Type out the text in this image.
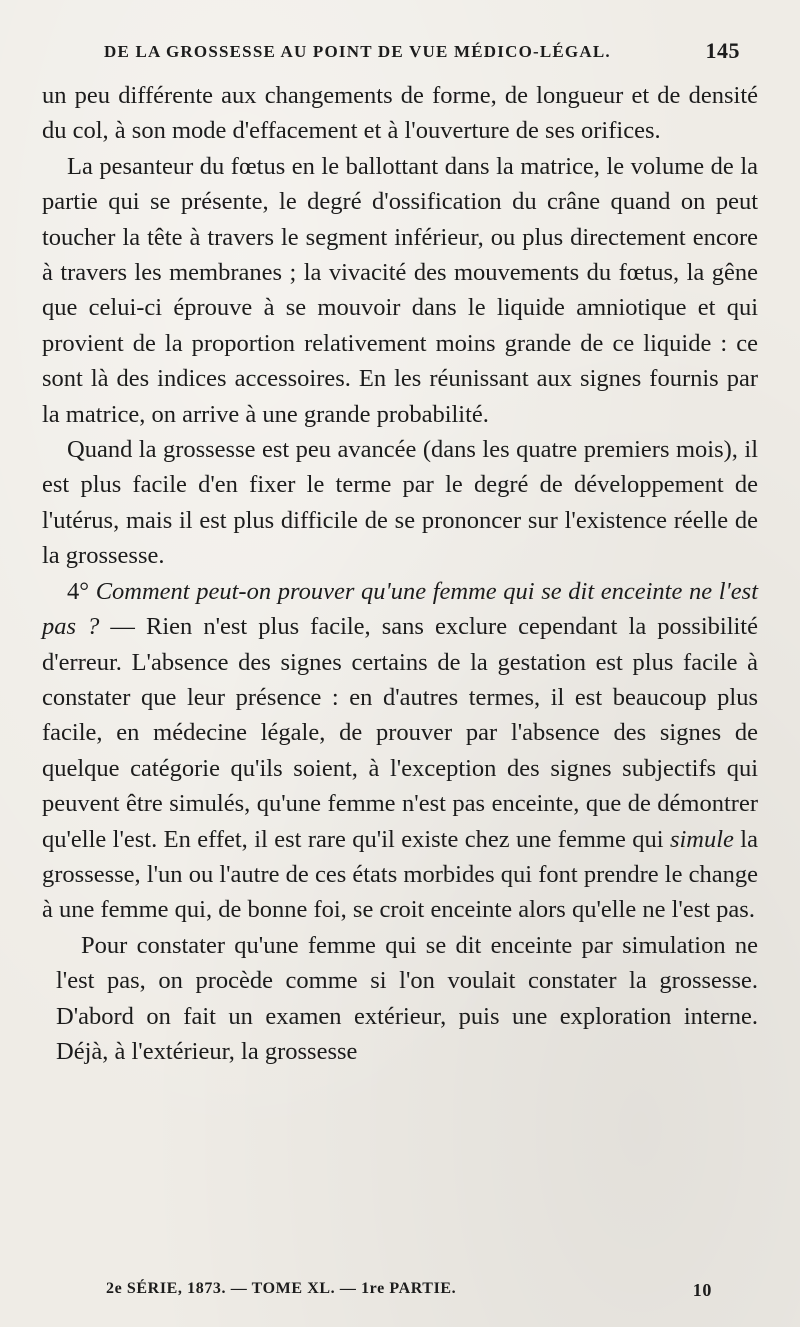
DE LA GROSSESSE AU POINT DE VUE MÉDICO-LÉGAL.	145

un peu différente aux changements de forme, de longueur et de densité du col, à son mode d'effacement et à l'ouverture de ses orifices.

La pesanteur du fœtus en le ballottant dans la matrice, le volume de la partie qui se présente, le degré d'ossification du crâne quand on peut toucher la tête à travers le segment inférieur, ou plus directement encore à travers les membranes ; la vivacité des mouvements du fœtus, la gêne que celui-ci éprouve à se mouvoir dans le liquide amniotique et qui provient de la proportion relativement moins grande de ce liquide : ce sont là des indices accessoires. En les réunissant aux signes fournis par la matrice, on arrive à une grande probabilité.

Quand la grossesse est peu avancée (dans les quatre premiers mois), il est plus facile d'en fixer le terme par le degré de développement de l'utérus, mais il est plus difficile de se prononcer sur l'existence réelle de la grossesse.

4° Comment peut-on prouver qu'une femme qui se dit enceinte ne l'est pas ? — Rien n'est plus facile, sans exclure cependant la possibilité d'erreur. L'absence des signes certains de la gestation est plus facile à constater que leur présence : en d'autres termes, il est beaucoup plus facile, en médecine légale, de prouver par l'absence des signes de quelque catégorie qu'ils soient, à l'exception des signes subjectifs qui peuvent être simulés, qu'une femme n'est pas enceinte, que de démontrer qu'elle l'est. En effet, il est rare qu'il existe chez une femme qui simule la grossesse, l'un ou l'autre de ces états morbides qui font prendre le change à une femme qui, de bonne foi, se croit enceinte alors qu'elle ne l'est pas.

Pour constater qu'une femme qui se dit enceinte par simulation ne l'est pas, on procède comme si l'on voulait constater la grossesse. D'abord on fait un examen extérieur, puis une exploration interne. Déjà, à l'extérieur, la grossesse

2e SÉRIE, 1873. — TOME XL. — 1re PARTIE.	10
